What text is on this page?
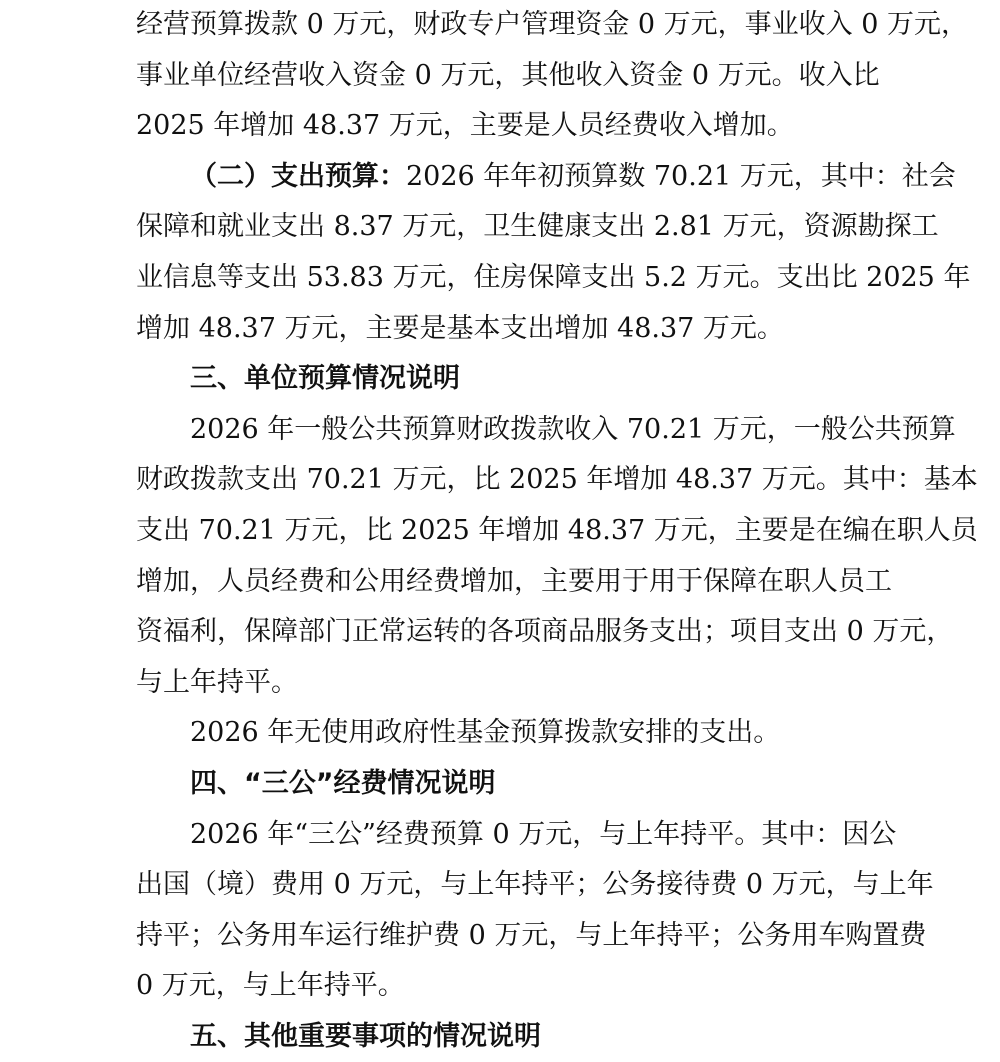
经营预算拨款 0 万元，财政专户管理资金 0 万元，事业收入 0 万元，
事业单位经营收入资金 0 万元，其他收入资金 0 万元。收入比
2025 年增加 48.37 万元，主要是人员经费收入增加。
（二）支出预算：2026 年年初预算数 70.21 万元，其中：社会
保障和就业支出 8.37 万元，卫生健康支出 2.81 万元，资源勘探工
业信息等支出 53.83 万元，住房保障支出 5.2 万元。支出比 2025 年
增加 48.37 万元，主要是基本支出增加 48.37 万元。
三、单位预算情况说明
2026 年一般公共预算财政拨款收入 70.21 万元，一般公共预算
财政拨款支出 70.21 万元，比 2025 年增加 48.37 万元。其中：基本
支出 70.21 万元，比 2025 年增加 48.37 万元，主要是在编在职人员
增加，人员经费和公用经费增加，主要用于用于保障在职人员工
资福利，保障部门正常运转的各项商品服务支出；项目支出 0 万元，
与上年持平。
2026 年无使用政府性基金预算拨款安排的支出。
四、“三公”经费情况说明
2026 年“三公”经费预算 0 万元，与上年持平。其中：因公
出国（境）费用 0 万元，与上年持平；公务接待费 0 万元，与上年
持平；公务用车运行维护费 0 万元，与上年持平；公务用车购置费
0 万元，与上年持平。
五、其他重要事项的情况说明
